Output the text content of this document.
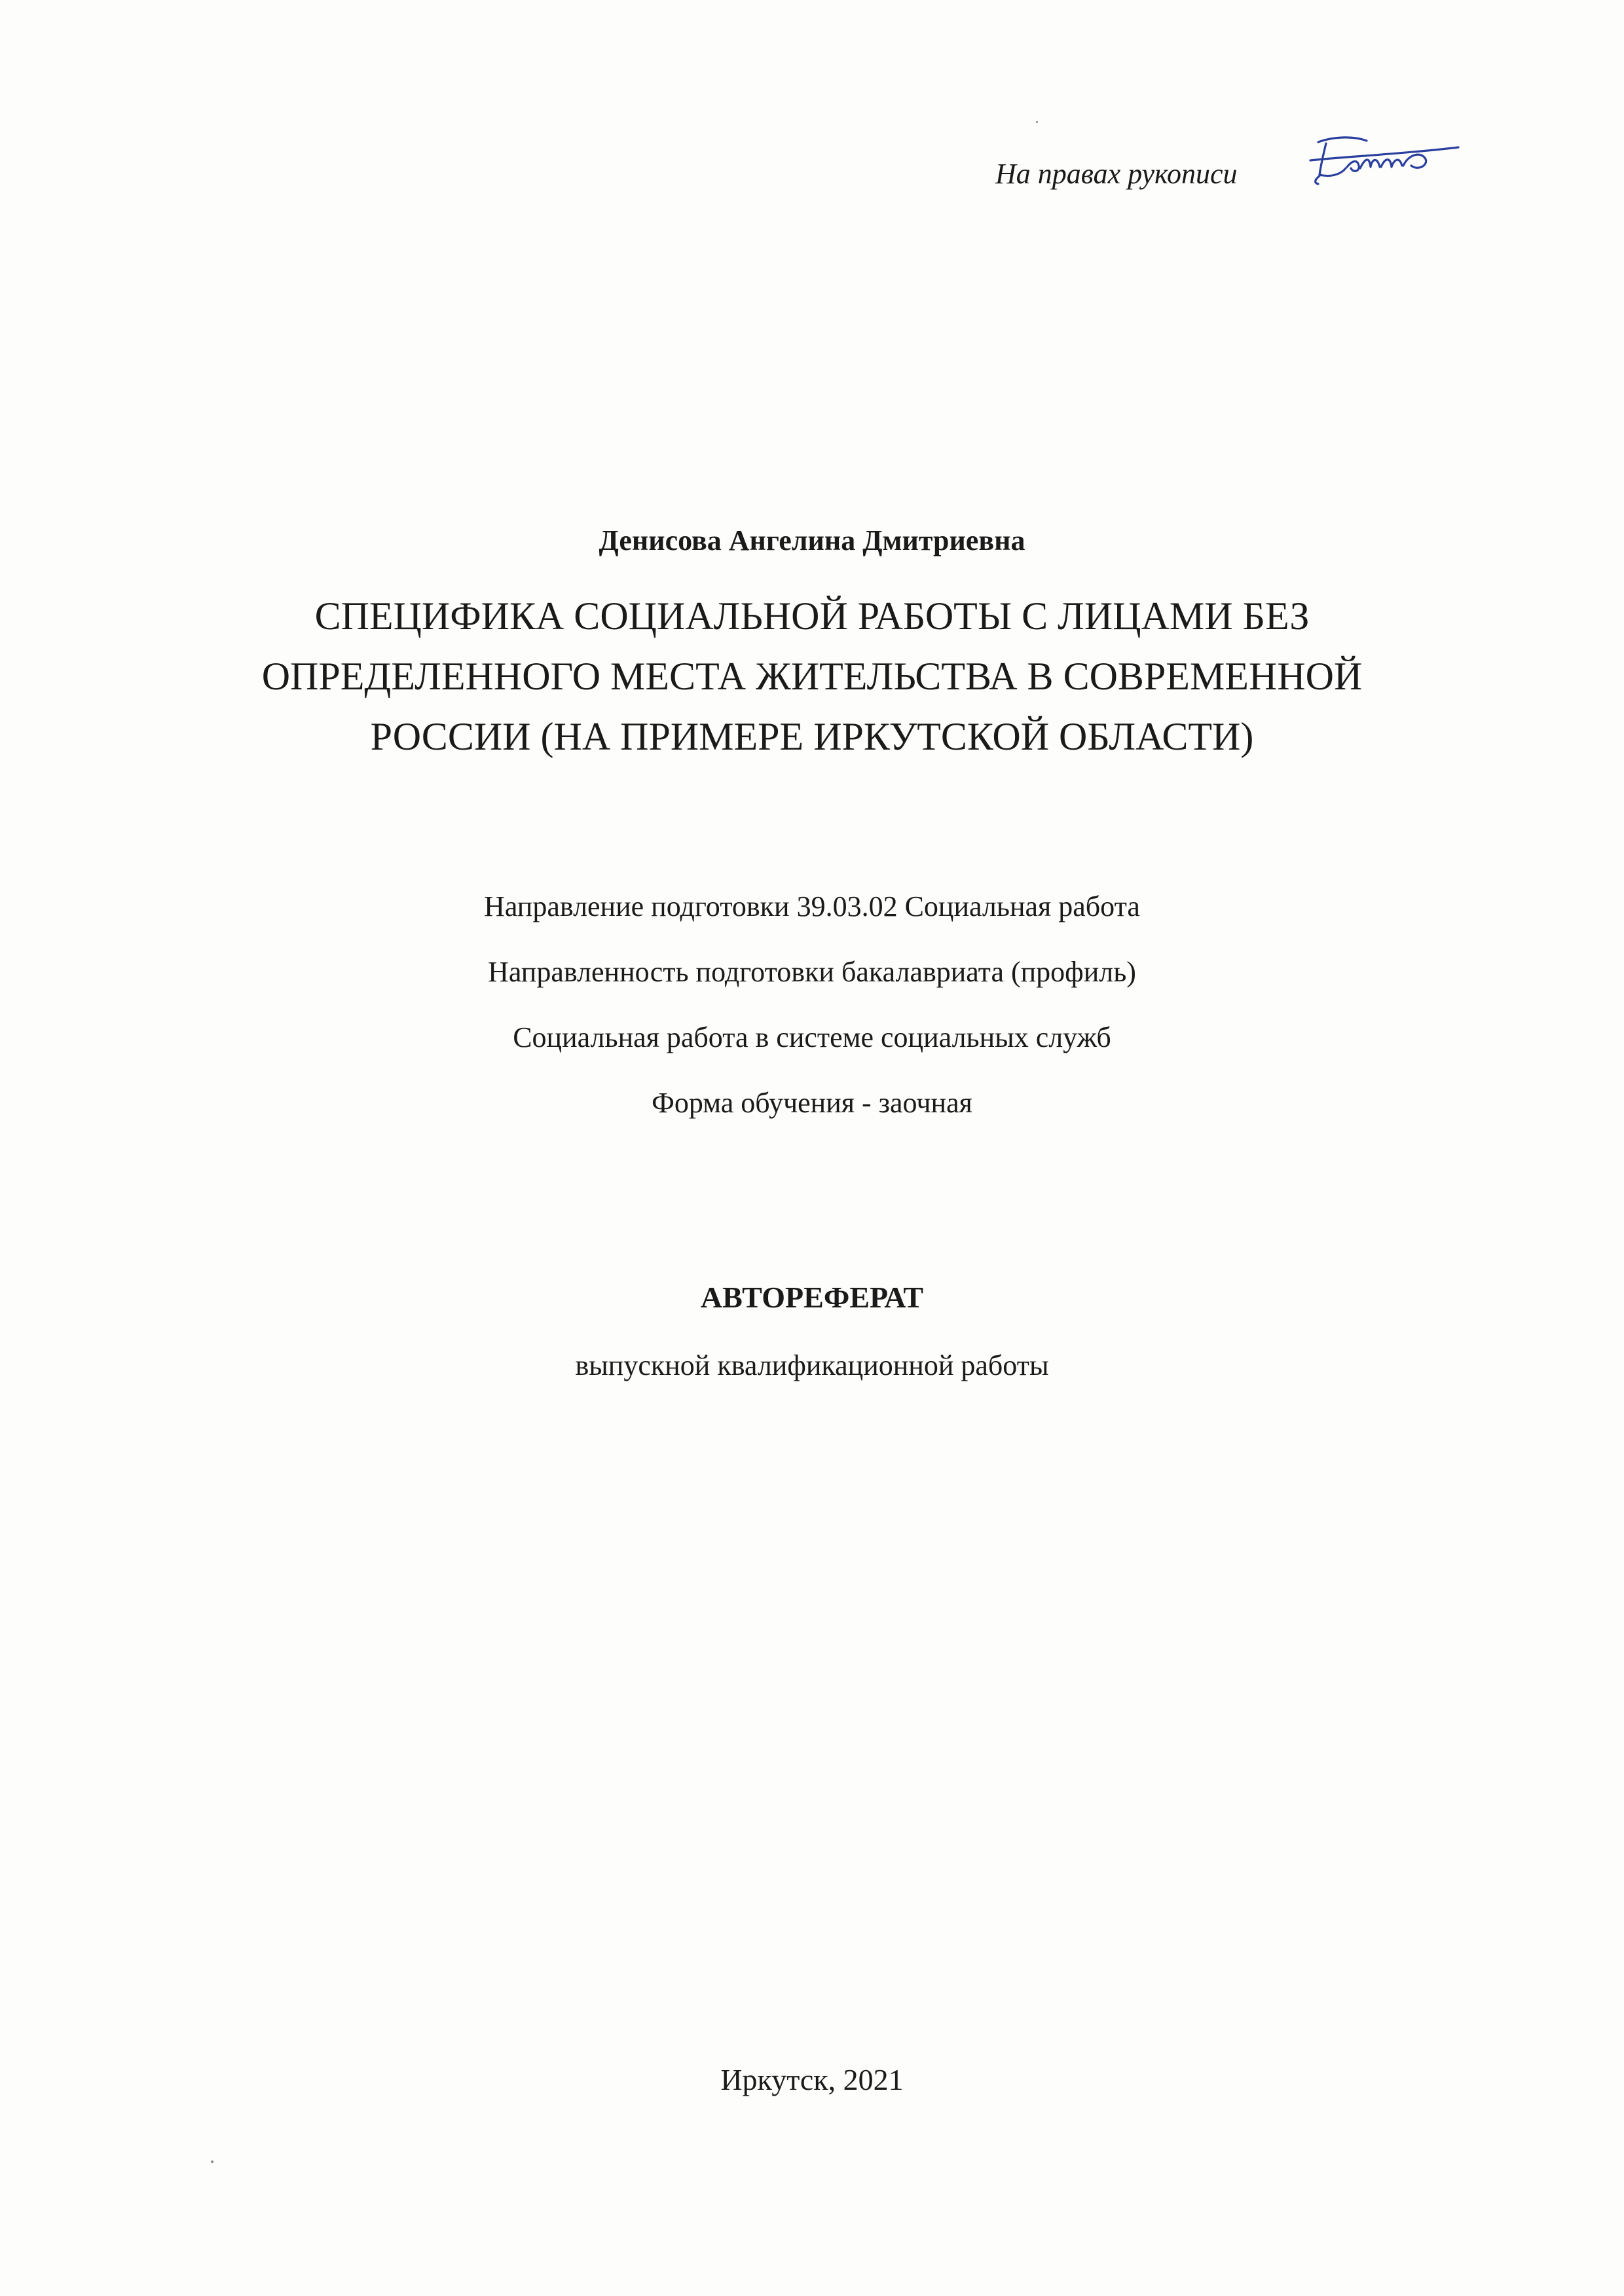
На правах рукописи
Денисова Ангелина Дмитриевна
СПЕЦИФИКА СОЦИАЛЬНОЙ РАБОТЫ С ЛИЦАМИ БЕЗ
ОПРЕДЕЛЕННОГО МЕСТА ЖИТЕЛЬСТВА В СОВРЕМЕННОЙ
РОССИИ (НА ПРИМЕРЕ ИРКУТСКОЙ ОБЛАСТИ)
Направление подготовки 39.03.02 Социальная работа
Направленность подготовки бакалавриата (профиль)
Социальная работа в системе социальных служб
Форма обучения - заочная
АВТОРЕФЕРАТ
выпускной квалификационной работы
Иркутск, 2021
